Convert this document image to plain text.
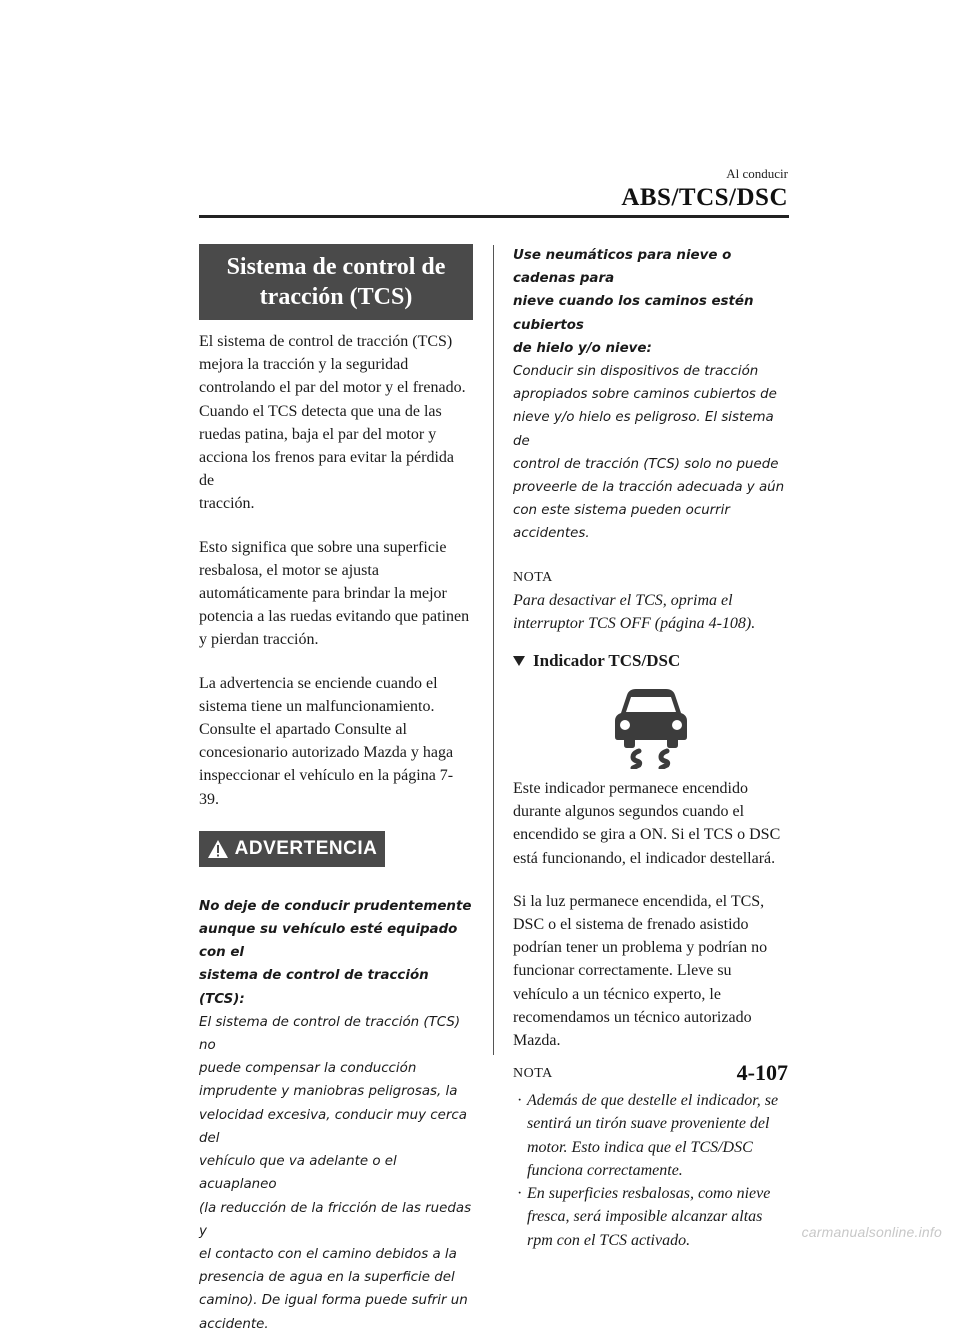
Al conducir
ABS/TCS/DSC
Sistema de control de
tracción (TCS)

El sistema de control de tracción (TCS)
mejora la tracción y la seguridad
controlando el par del motor y el frenado.
Cuando el TCS detecta que una de las
ruedas patina, baja el par del motor y
acciona los frenos para evitar la pérdida de
tracción.

Esto significa que sobre una superficie
resbalosa, el motor se ajusta
automáticamente para brindar la mejor
potencia a las ruedas evitando que patinen
y pierdan tracción.

La advertencia se enciende cuando el
sistema tiene un malfuncionamiento.
Consulte el apartado Consulte al
concesionario autorizado Mazda y haga
inspeccionar el vehículo en la página 7-
39.

ADVERTENCIA

No deje de conducir prudentemente
aunque su vehículo esté equipado con el
sistema de control de tracción (TCS):

El sistema de control de tracción (TCS) no
puede compensar la conducción
imprudente y maniobras peligrosas, la
velocidad excesiva, conducir muy cerca del
vehículo que va adelante o el acuaplaneo
(la reducción de la fricción de las ruedas y
el contacto con el camino debidos a la
presencia de agua en la superficie del
camino). De igual forma puede sufrir un
accidente.

Use neumáticos para nieve o cadenas para
nieve cuando los caminos estén cubiertos
de hielo y/o nieve:

Conducir sin dispositivos de tracción
apropiados sobre caminos cubiertos de
nieve y/o hielo es peligroso. El sistema de
control de tracción (TCS) solo no puede
proveerle de la tracción adecuada y aún
con este sistema pueden ocurrir accidentes.

NOTA

Para desactivar el TCS, oprima el
interruptor TCS OFF (página 4-108).

Indicador TCS/DSC

Este indicador permanece encendido
durante algunos segundos cuando el
encendido se gira a ON. Si el TCS o DSC
está funcionando, el indicador destellará.

Si la luz permanece encendida, el TCS,
DSC o el sistema de frenado asistido
podrían tener un problema y podrían no
funcionar correctamente. Lleve su
vehículo a un técnico experto, le
recomendamos un técnico autorizado
Mazda.

NOTA

· Además de que destelle el indicador, se
sentirá un tirón suave proveniente del
motor. Esto indica que el TCS/DSC
funciona correctamente.
· En superficies resbalosas, como nieve
fresca, será imposible alcanzar altas
rpm con el TCS activado.
4-107
carmanualsonline.info
